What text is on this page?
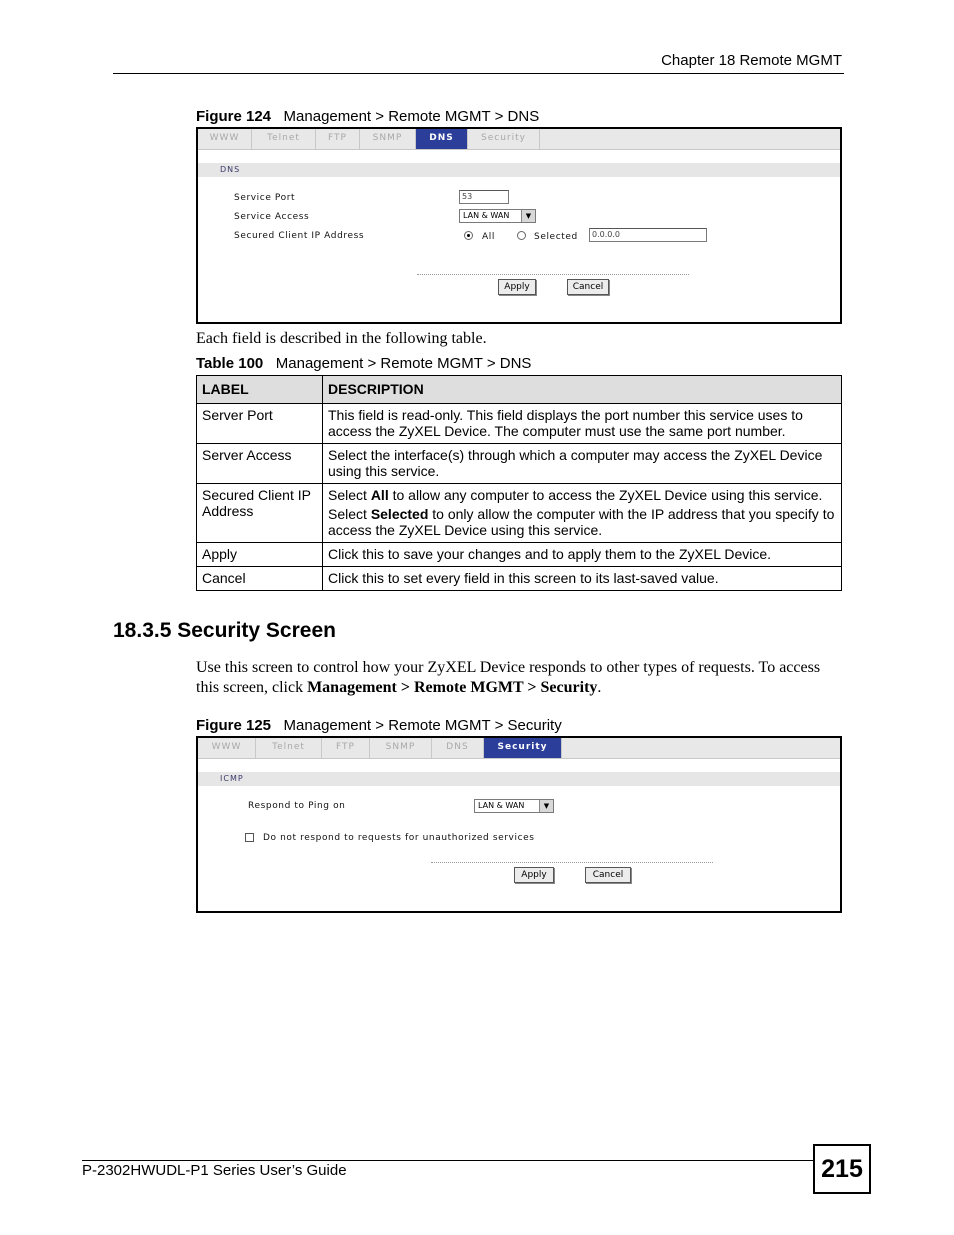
Chapter 18 Remote MGMT
Figure 124 Management > Remote MGMT > DNS
WWW	Telnet	FTP	SNMP	DNS	Security
DNS
Service Port	53
Service Access	LAN & WAN	▼
Secured Client IP Address	All	Selected	0.0.0.0
Apply	Cancel
Each field is described in the following table.
Table 100 Management > Remote MGMT > DNS
LABEL	DESCRIPTION
Server Port	This field is read-only. This field displays the port number this service uses to access the ZyXEL Device. The computer must use the same port number.
Server Access	Select the interface(s) through which a computer may access the ZyXEL Device using this service.
Secured Client IP Address	Select All to allow any computer to access the ZyXEL Device using this service.

Select Selected to only allow the computer with the IP address that you specify to access the ZyXEL Device using this service.

Apply	Click this to save your changes and to apply them to the ZyXEL Device.
Cancel	Click this to set every field in this screen to its last-saved value.
18.3.5 Security Screen
Use this screen to control how your ZyXEL Device responds to other types of requests. To access this screen, click Management > Remote MGMT > Security.
Figure 125 Management > Remote MGMT > Security
WWW	Telnet	FTP	SNMP	DNS	Security
ICMP
Respond to Ping on	LAN & WAN	▼
Do not respond to requests for unauthorized services
Apply	Cancel
P-2302HWUDL-P1 Series User’s Guide	215
